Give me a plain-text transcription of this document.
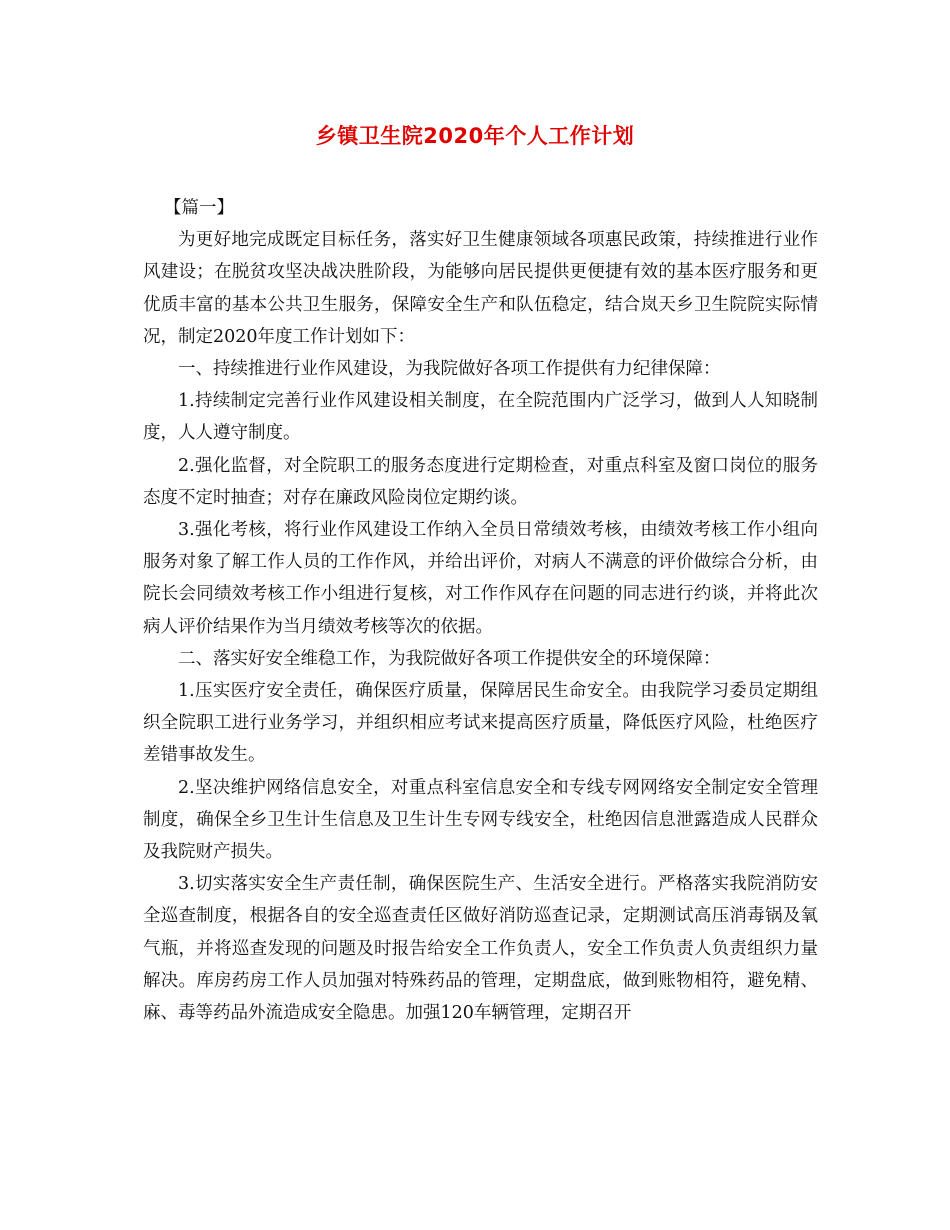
乡镇卫生院2020年个人工作计划

【篇一】

为更好地完成既定目标任务，落实好卫生健康领域各项惠民政策，持续推进行业作风建设；在脱贫攻坚决战决胜阶段，为能够向居民提供更便捷有效的基本医疗服务和更优质丰富的基本公共卫生服务，保障安全生产和队伍稳定，结合岚天乡卫生院院实际情况，制定2020年度工作计划如下：

一、持续推进行业作风建设，为我院做好各项工作提供有力纪律保障：

1.持续制定完善行业作风建设相关制度，在全院范围内广泛学习，做到人人知晓制度，人人遵守制度。

2.强化监督，对全院职工的服务态度进行定期检查，对重点科室及窗口岗位的服务态度不定时抽查；对存在廉政风险岗位定期约谈。

3.强化考核，将行业作风建设工作纳入全员日常绩效考核，由绩效考核工作小组向服务对象了解工作人员的工作作风，并给出评价，对病人不满意的评价做综合分析，由院长会同绩效考核工作小组进行复核，对工作作风存在问题的同志进行约谈，并将此次病人评价结果作为当月绩效考核等次的依据。

二、落实好安全维稳工作，为我院做好各项工作提供安全的环境保障：

1.压实医疗安全责任，确保医疗质量，保障居民生命安全。由我院学习委员定期组织全院职工进行业务学习，并组织相应考试来提高医疗质量，降低医疗风险，杜绝医疗差错事故发生。

2.坚决维护网络信息安全，对重点科室信息安全和专线专网网络安全制定安全管理制度，确保全乡卫生计生信息及卫生计生专网专线安全，杜绝因信息泄露造成人民群众及我院财产损失。

3.切实落实安全生产责任制，确保医院生产、生活安全进行。严格落实我院消防安全巡查制度，根据各自的安全巡查责任区做好消防巡查记录，定期测试高压消毒锅及氧气瓶，并将巡查发现的问题及时报告给安全工作负责人，安全工作负责人负责组织力量解决。库房药房工作人员加强对特殊药品的管理，定期盘底，做到账物相符，避免精、麻、毒等药品外流造成安全隐患。加强120车辆管理，定期召开
